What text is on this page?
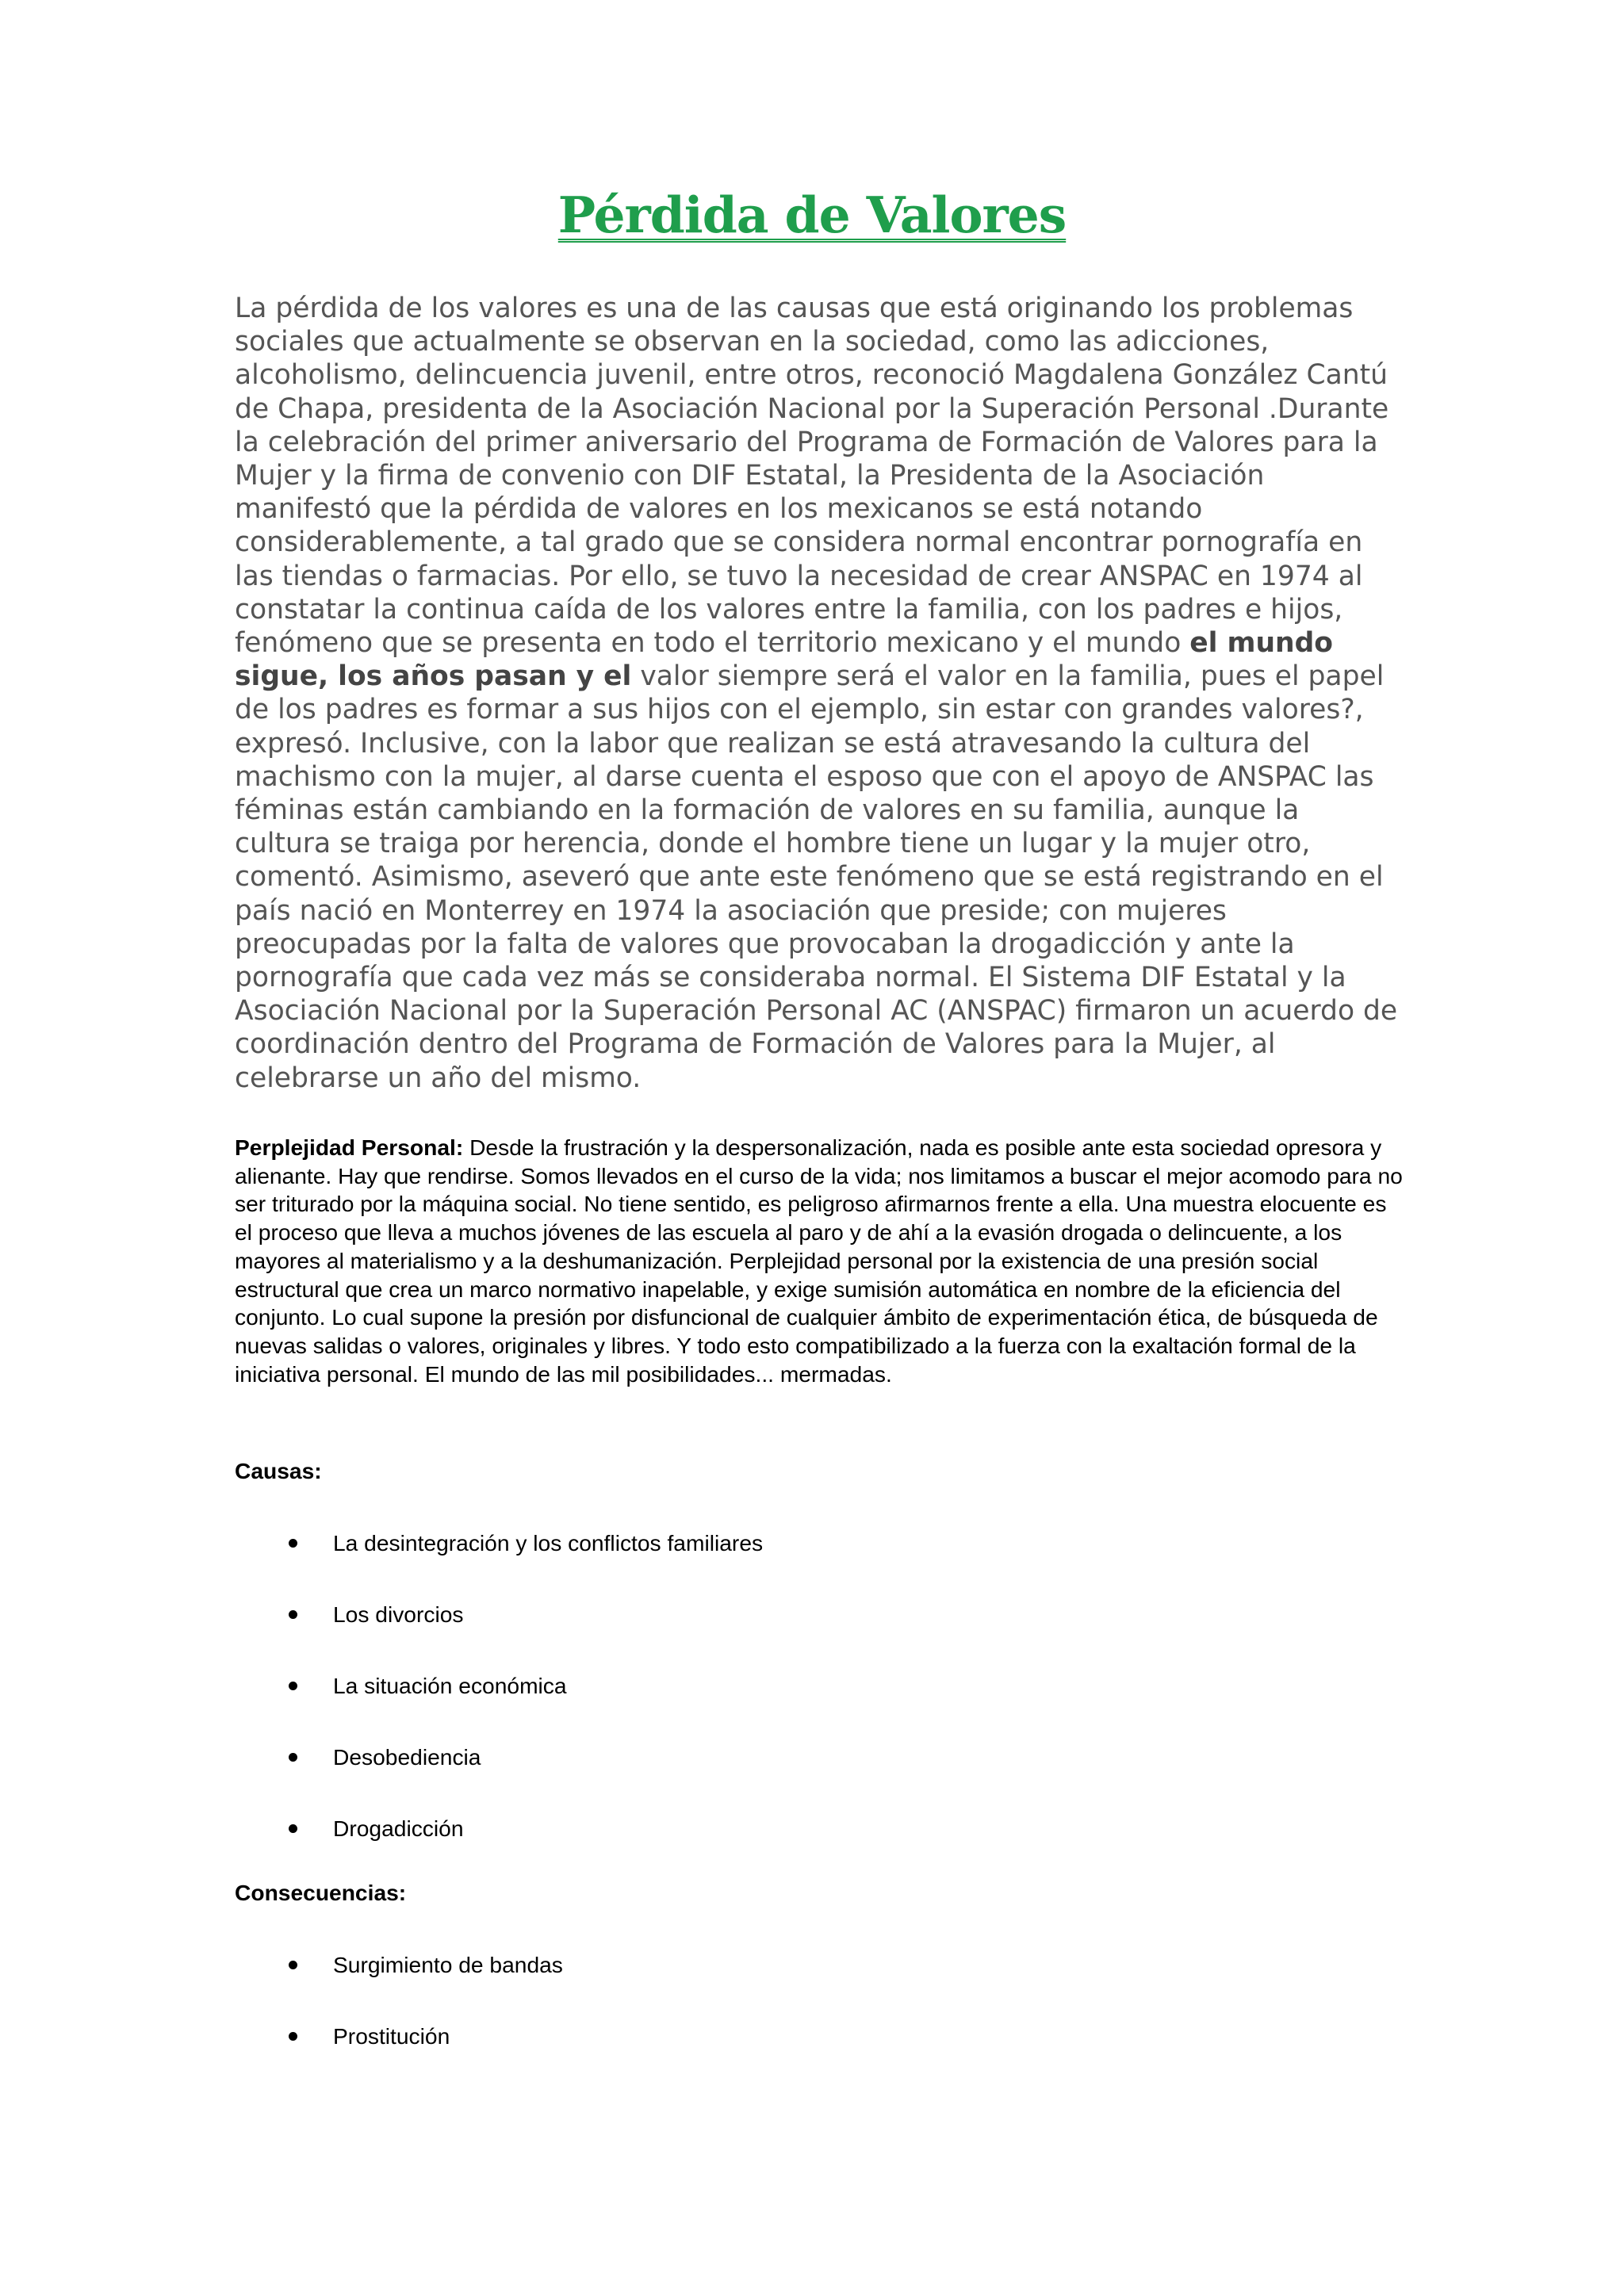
Pérdida de Valores

La pérdida de los valores es una de las causas que está originando los problemas sociales que actualmente se observan en la sociedad, como las adicciones, alcoholismo, delincuencia juvenil, entre otros, reconoció Magdalena González Cantú de Chapa, presidenta de la Asociación Nacional por la Superación Personal .Durante la celebración del primer aniversario del Programa de Formación de Valores para la Mujer y la firma de convenio con DIF Estatal, la Presidenta de la Asociación manifestó que la pérdida de valores en los mexicanos se está notando considerablemente, a tal grado que se considera normal encontrar pornografía en las tiendas o farmacias. Por ello, se tuvo la necesidad de crear ANSPAC en 1974 al constatar la continua caída de los valores entre la familia, con los padres e hijos, fenómeno que se presenta en todo el territorio mexicano y el mundo el mundo sigue, los años pasan y el valor siempre será el valor en la familia, pues el papel de los padres es formar a sus hijos con el ejemplo, sin estar con grandes valores?, expresó. Inclusive, con la labor que realizan se está atravesando la cultura del machismo con la mujer, al darse cuenta el esposo que con el apoyo de ANSPAC las féminas están cambiando en la formación de valores en su familia, aunque la cultura se traiga por herencia, donde el hombre tiene un lugar y la mujer otro, comentó. Asimismo, aseveró que ante este fenómeno que se está registrando en el país nació en Monterrey en 1974 la asociación que preside; con mujeres preocupadas por la falta de valores que provocaban la drogadicción y ante la pornografía que cada vez más se consideraba normal. El Sistema DIF Estatal y la Asociación Nacional por la Superación Personal AC (ANSPAC) firmaron un acuerdo de coordinación dentro del Programa de Formación de Valores para la Mujer, al celebrarse un año del mismo.

Perplejidad Personal: Desde la frustración y la despersonalización, nada es posible ante esta sociedad opresora y alienante. Hay que rendirse. Somos llevados en el curso de la vida; nos limitamos a buscar el mejor acomodo para no ser triturado por la máquina social. No tiene sentido, es peligroso afirmarnos frente a ella. Una muestra elocuente es el proceso que lleva a muchos jóvenes de las escuela al paro y de ahí a la evasión drogada o delincuente, a los mayores al materialismo y a la deshumanización. Perplejidad personal por la existencia de una presión social estructural que crea un marco normativo inapelable, y exige sumisión automática en nombre de la eficiencia del conjunto. Lo cual supone la presión por disfuncional de cualquier ámbito de experimentación ética, de búsqueda de nuevas salidas o valores, originales y libres. Y todo esto compatibilizado a la fuerza con la exaltación formal de la iniciativa personal. El mundo de las mil posibilidades... mermadas.

Causas:

La desintegración y los conflictos familiares
Los divorcios
La situación económica
Desobediencia
Drogadicción

Consecuencias:

Surgimiento de bandas
Prostitución
